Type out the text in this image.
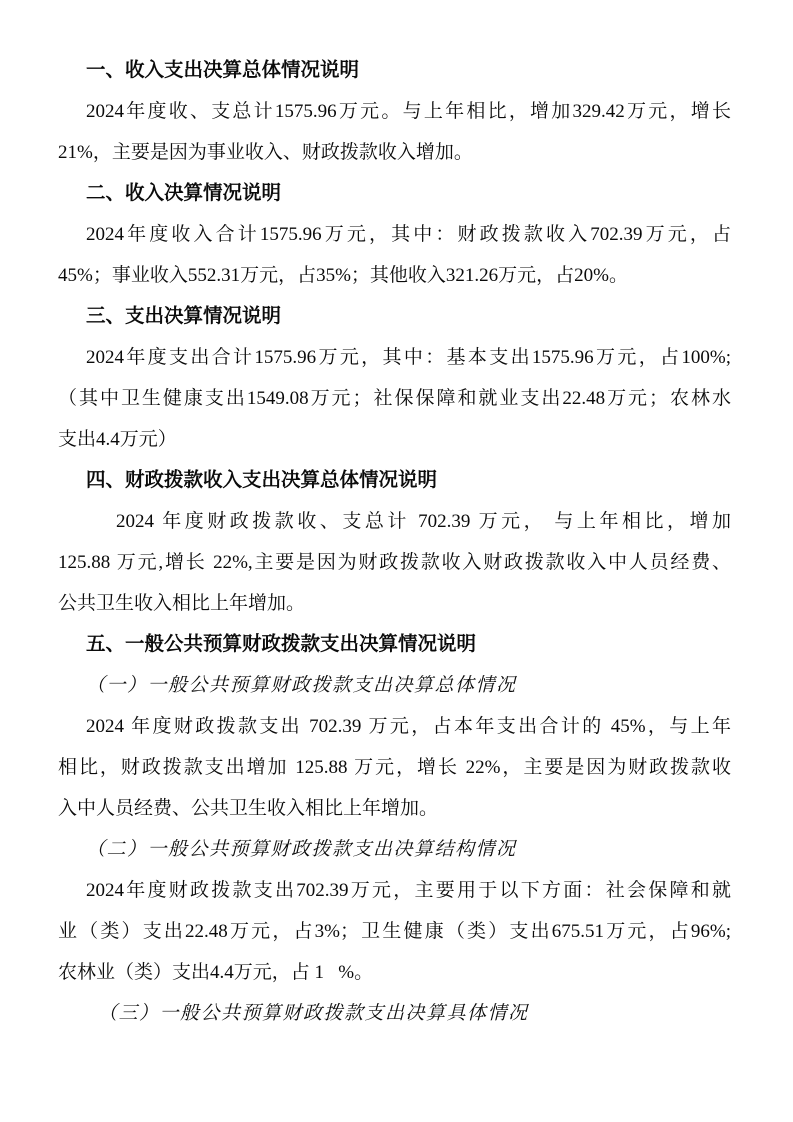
一、收入支出决算总体情况说明
2024年度收、支总计1575.96万元。与上年相比，增加329.42万元，增长
21%，主要是因为事业收入、财政拨款收入增加。
二、收入决算情况说明
2024年度收入合计1575.96万元，其中：财政拨款收入702.39万元，占
45%；事业收入552.31万元，占35%；其他收入321.26万元，占20%。
三、支出决算情况说明
2024年度支出合计1575.96万元，其中：基本支出1575.96万元，占100%;
（其中卫生健康支出1549.08万元；社保保障和就业支出22.48万元；农林水
支出4.4万元）
四、财政拨款收入支出决算总体情况说明
2024 年度财政拨款收、支总计 702.39 万元， 与上年相比，增加
125.88 万元,增长 22%,主要是因为财政拨款收入财政拨款收入中人员经费、
公共卫生收入相比上年增加。
五、一般公共预算财政拨款支出决算情况说明
（一）一般公共预算财政拨款支出决算总体情况
2024 年度财政拨款支出 702.39 万元，占本年支出合计的 45%，与上年
相比，财政拨款支出增加 125.88 万元，增长 22%，主要是因为财政拨款收
入中人员经费、公共卫生收入相比上年增加。
（二）一般公共预算财政拨款支出决算结构情况
2024年度财政拨款支出702.39万元，主要用于以下方面：社会保障和就
业（类）支出22.48万元，占3%；卫生健康（类）支出675.51万元，占96%;
农林业（类）支出4.4万元，占 1   %。
（三）一般公共预算财政拨款支出决算具体情况
